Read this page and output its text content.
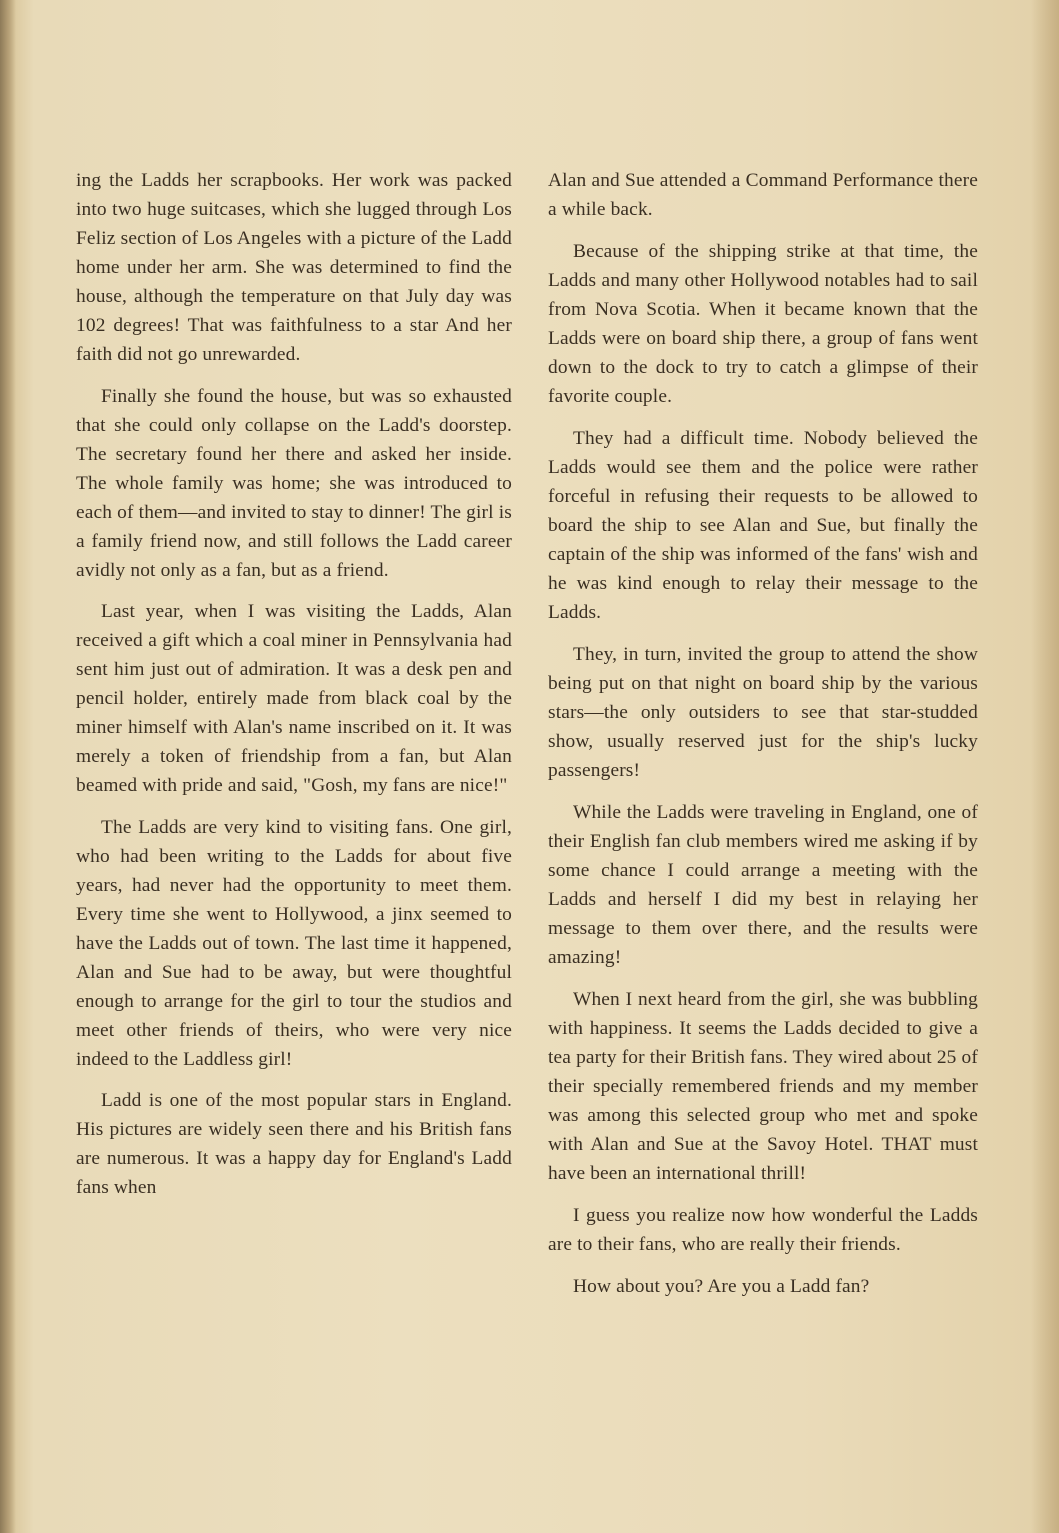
ing the Ladds her scrapbooks. Her work was packed into two huge suitcases, which she lugged through Los Feliz section of Los Angeles with a picture of the Ladd home under her arm. She was determined to find the house, although the temperature on that July day was 102 degrees! That was faithfulness to a star And her faith did not go unrewarded.

Finally she found the house, but was so exhausted that she could only collapse on the Ladd's doorstep. The secretary found her there and asked her inside. The whole family was home; she was introduced to each of them—and invited to stay to dinner! The girl is a family friend now, and still follows the Ladd career avidly not only as a fan, but as a friend.

Last year, when I was visiting the Ladds, Alan received a gift which a coal miner in Pennsylvania had sent him just out of admiration. It was a desk pen and pencil holder, entirely made from black coal by the miner himself with Alan's name inscribed on it. It was merely a token of friendship from a fan, but Alan beamed with pride and said, "Gosh, my fans are nice!"

The Ladds are very kind to visiting fans. One girl, who had been writing to the Ladds for about five years, had never had the opportunity to meet them. Every time she went to Hollywood, a jinx seemed to have the Ladds out of town. The last time it happened, Alan and Sue had to be away, but were thoughtful enough to arrange for the girl to tour the studios and meet other friends of theirs, who were very nice indeed to the Laddless girl!

Ladd is one of the most popular stars in England. His pictures are widely seen there and his British fans are numerous. It was a happy day for England's Ladd fans when

Alan and Sue attended a Command Performance there a while back.

Because of the shipping strike at that time, the Ladds and many other Hollywood notables had to sail from Nova Scotia. When it became known that the Ladds were on board ship there, a group of fans went down to the dock to try to catch a glimpse of their favorite couple.

They had a difficult time. Nobody believed the Ladds would see them and the police were rather forceful in refusing their requests to be allowed to board the ship to see Alan and Sue, but finally the captain of the ship was informed of the fans' wish and he was kind enough to relay their message to the Ladds.

They, in turn, invited the group to attend the show being put on that night on board ship by the various stars—the only outsiders to see that star-studded show, usually reserved just for the ship's lucky passengers!

While the Ladds were traveling in England, one of their English fan club members wired me asking if by some chance I could arrange a meeting with the Ladds and herself I did my best in relaying her message to them over there, and the results were amazing!

When I next heard from the girl, she was bubbling with happiness. It seems the Ladds decided to give a tea party for their British fans. They wired about 25 of their specially remembered friends and my member was among this selected group who met and spoke with Alan and Sue at the Savoy Hotel. THAT must have been an international thrill!

I guess you realize now how wonderful the Ladds are to their fans, who are really their friends.

How about you? Are you a Ladd fan?
